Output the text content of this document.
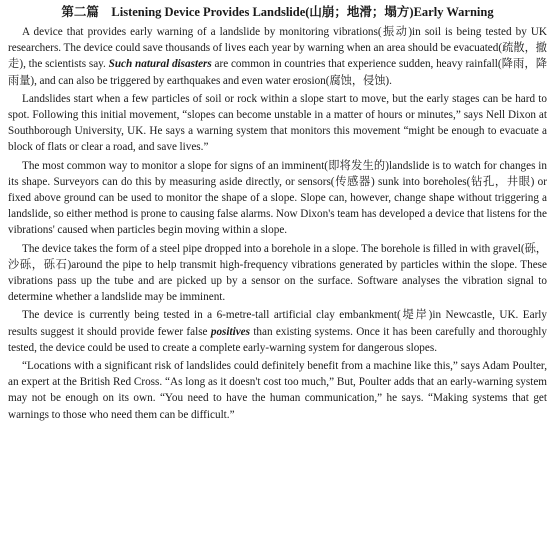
第二篇　Listening Device Provides Landslide(山崩；地滑；塌方)Early Warning

A device that provides early warning of a landslide by monitoring vibrations(振动)in soil is being tested by UK researchers. The device could save thousands of lives each year by warning when an area should be evacuated(疏散，撤走), the scientists say. Such natural disasters are common in countries that experience sudden, heavy rainfall(降雨，降雨量), and can also be triggered by earthquakes and even water erosion(腐蚀，侵蚀).

Landslides start when a few particles of soil or rock within a slope start to move, but the early stages can be hard to spot. Following this initial movement, “slopes can become unstable in a matter of hours or minutes,” says Nell Dixon at Southborough University, UK. He says a warning system that monitors this movement “might be enough to evacuate a block of flats or clear a road, and save lives.”

The most common way to monitor a slope for signs of an imminent(即将发生的)landslide is to watch for changes in its shape. Surveyors can do this by measuring aside directly, or sensors(传感器) sunk into boreholes(钻孔，井眼) or fixed above ground can be used to monitor the shape of a slope. Slope can, however, change shape without triggering a landslide, so either method is prone to causing false alarms. Now Dixon's team has developed a device that listens for the vibrations' caused when particles begin moving within a slope.

The device takes the form of a steel pipe dropped into a borehole in a slope. The borehole is filled in with gravel(砾，沙砾，砾石)around the pipe to help transmit high-frequency vibrations generated by particles within the slope. These vibrations pass up the tube and are picked up by a sensor on the surface. Software analyses the vibration signal to determine whether a landslide may be imminent.

The device is currently being tested in a 6-metre-tall artificial clay embankment(堤岸)in Newcastle, UK. Early results suggest it should provide fewer false positives than existing systems. Once it has been carefully and thoroughly tested, the device could be used to create a complete early-warning system for dangerous slopes.

“Locations with a significant risk of landslides could definitely benefit from a machine like this,” says Adam Poulter, an expert at the British Red Cross. “As long as it doesn't cost too much,” But, Poulter adds that an early-warning system may not be enough on its own. “You need to have the human communication,” he says. “Making systems that get warnings to those who need them can be difficult.”
